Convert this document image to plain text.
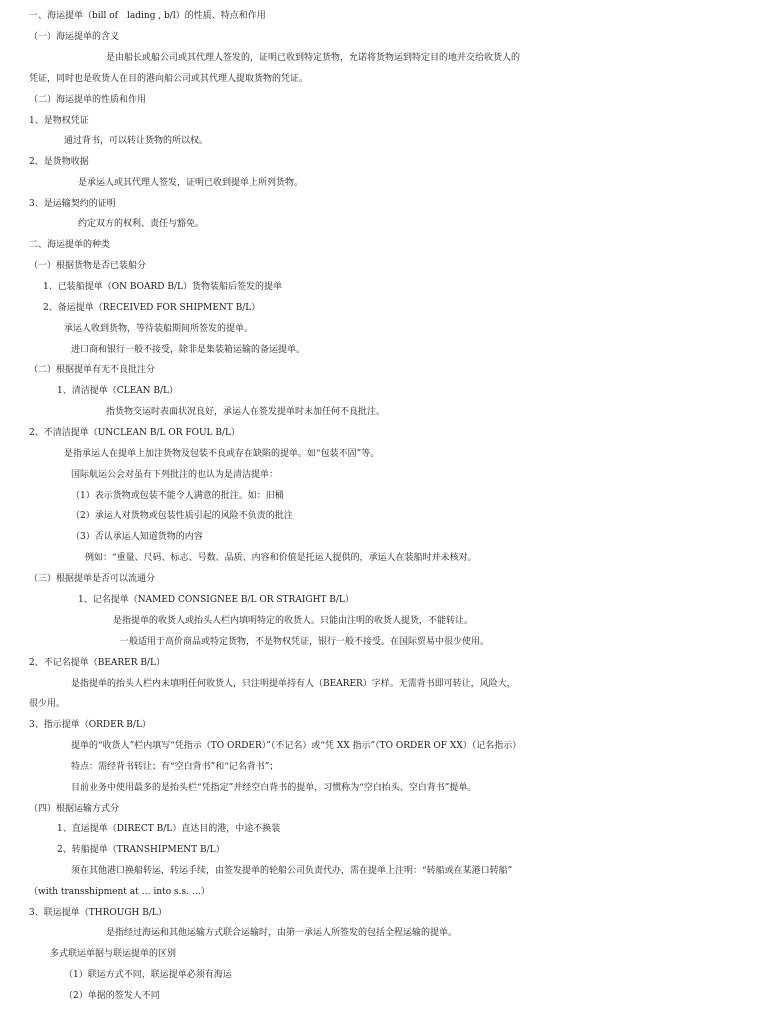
一、海运提单（bill of　lading , b/l）的性质、特点和作用

（一）海运提单的含义

是由船长或船公司或其代理人签发的，证明已收到特定货物，允诺将货物运到特定目的地并交给收货人的

凭证，同时也是收货人在目的港向船公司或其代理人提取货物的凭证。

（二）海运提单的性质和作用

1、是物权凭证

通过背书，可以转让货物的所以权。

2、是货物收据

是承运人或其代理人签发，证明已收到提单上所列货物。

3、是运输契约的证明

约定双方的权利、责任与豁免。

二、海运提单的种类

（一）根据货物是否已装船分

1、已装船提单（ON BOARD B/L）货物装船后签发的提单

2、备运提单（RECEIVED FOR SHIPMENT B/L）

承运人收到货物，等待装船期间所签发的提单。

进口商和银行一般不接受，除非是集装箱运输的备运提单。

（二）根据提单有无不良批注分

1、清洁提单（CLEAN B/L）

指货物交运时表面状况良好，承运人在签发提单时未加任何不良批注。

2、不清洁提单（UNCLEAN B/L OR FOUL B/L）

是指承运人在提单上加注货物及包装不良或存在缺陷的提单。如“包装不固”等。

国际航运公会对虽有下列批注的也认为是清洁提单：

（1）表示货物或包装不能令人满意的批注。如：旧桶

（2）承运人对货物或包装性质引起的风险不负责的批注

（3）否认承运人知道货物的内容

例如：“重量、尺码、标志、号数、品质、内容和价值是托运人提供的，承运人在装船时并未核对。

（三）根据提单是否可以流通分

1、记名提单（NAMED CONSIGNEE B/L OR STRAIGHT B/L）

是指提单的收货人或抬头人栏内填明特定的收货人。只能由注明的收货人提货，不能转让。

一般适用于高价商品或特定货物，不是物权凭证，银行一般不接受。在国际贸易中很少使用。

2、不记名提单（BEARER B/L）

是指提单的抬头人栏内未填明任何收货人，只注明提单持有人（BEARER）字样。无需背书即可转让，风险大，

很少用。

3、指示提单（ORDER B/L）

提单的“收货人”栏内填写“凭指示（TO ORDER）”（不记名）或“凭 XX 指示”（TO ORDER OF XX）（记名指示）

特点：需经背书转让；有“空白背书”和“记名背书”；

目前业务中使用最多的是抬头栏“凭指定”并经空白背书的提单，习惯称为“空白抬头、空白背书”提单。

（四）根据运输方式分

1、直运提单（DIRECT B/L）直达目的港，中途不换装

2、转船提单（TRANSHIPMENT B/L）

须在其他港口换船转运，转运手续，由签发提单的轮船公司负责代办，需在提单上注明：“转船或在某港口转船”

（with transshipment at … into s.s. …）

3、联运提单（THROUGH B/L）

是指经过海运和其他运输方式联合运输时，由第一承运人所签发的包括全程运输的提单。

多式联运单据与联运提单的区别

（1）联运方式不同，联运提单必须有海运

（2）单据的签发人不同
